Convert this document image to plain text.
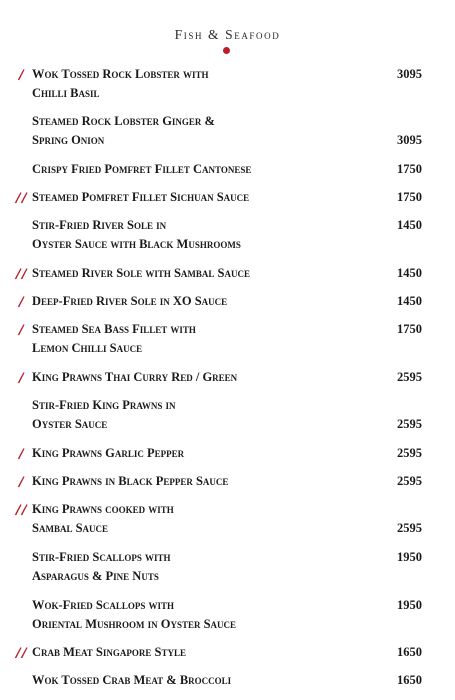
Fish & Seafood
Wok Tossed Rock Lobster with
Chilli Basil
3095
Steamed Rock Lobster Ginger &
Spring Onion	3095
Crispy Fried Pomfret Fillet Cantonese	1750
Steamed Pomfret Fillet Sichuan Sauce	1750
Stir-Fried River Sole in
Oyster Sauce with Black Mushrooms
1450
Steamed River Sole with Sambal Sauce	1450
Deep-Fried River Sole in XO Sauce	1450
Steamed Sea Bass Fillet with
Lemon Chilli Sauce
1750
King Prawns Thai Curry Red / Green	2595
Stir-Fried King Prawns in
Oyster Sauce	2595
King Prawns Garlic Pepper	2595
King Prawns in Black Pepper Sauce	2595
King Prawns cooked with
Sambal Sauce	2595
Stir-Fried Scallops with
Asparagus & Pine Nuts
1950
Wok-Fried Scallops with
Oriental Mushroom in Oyster Sauce
1950
Crab Meat Singapore Style	1650
Wok Tossed Crab Meat & Broccoli	1650
